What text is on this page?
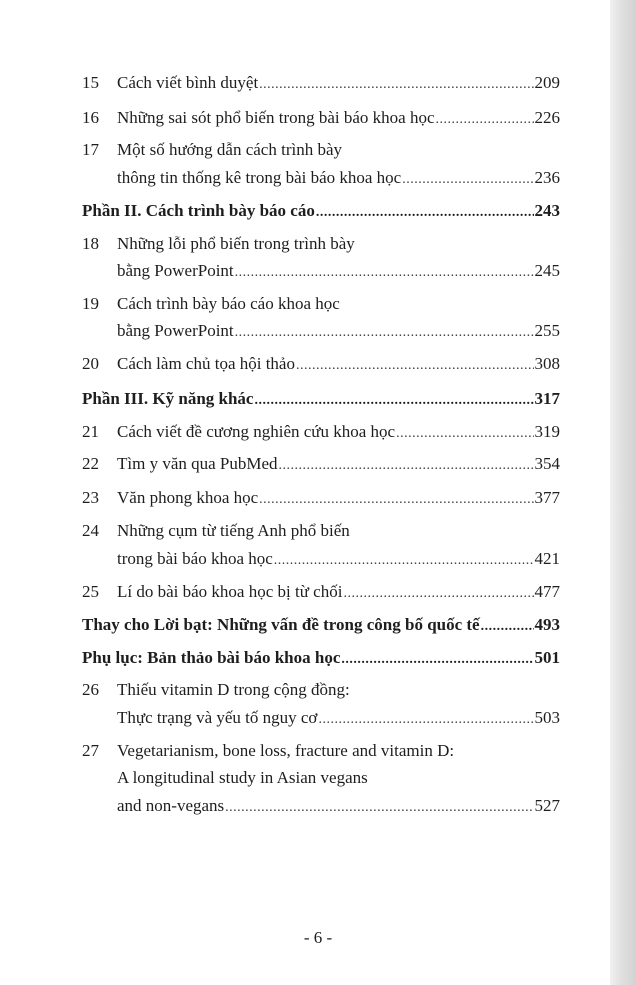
15	Cách viết bình duyệt .....	209
16	Những sai sót phổ biến trong bài báo khoa học .....	226
17	Một số hướng dẫn cách trình bày
thông tin thống kê trong bài báo khoa học .....	236
Phần II. Cách trình bày báo cáo .....	243
18	Những lỗi phổ biến trong trình bày
bằng PowerPoint .....	245
19	Cách trình bày báo cáo khoa học
bằng PowerPoint .....	255
20	Cách làm chủ tọa hội thảo .....	308
Phần III. Kỹ năng khác .....	317
21	Cách viết đề cương nghiên cứu khoa học .....	319
22	Tìm y văn qua PubMed .....	354
23	Văn phong khoa học .....	377
24	Những cụm từ tiếng Anh phổ biến
trong bài báo khoa học .....	421
25	Lí do bài báo khoa học bị từ chối .....	477
Thay cho Lời bạt: Những vấn đề trong công bố quốc tế .....	493
Phụ lục: Bản thảo bài báo khoa học .....	501
26	Thiếu vitamin D trong cộng đồng:
Thực trạng và yếu tố nguy cơ .....	503
27	Vegetarianism, bone loss, fracture and vitamin D:
A longitudinal study in Asian vegans
and non-vegans .....	527
- 6 -
